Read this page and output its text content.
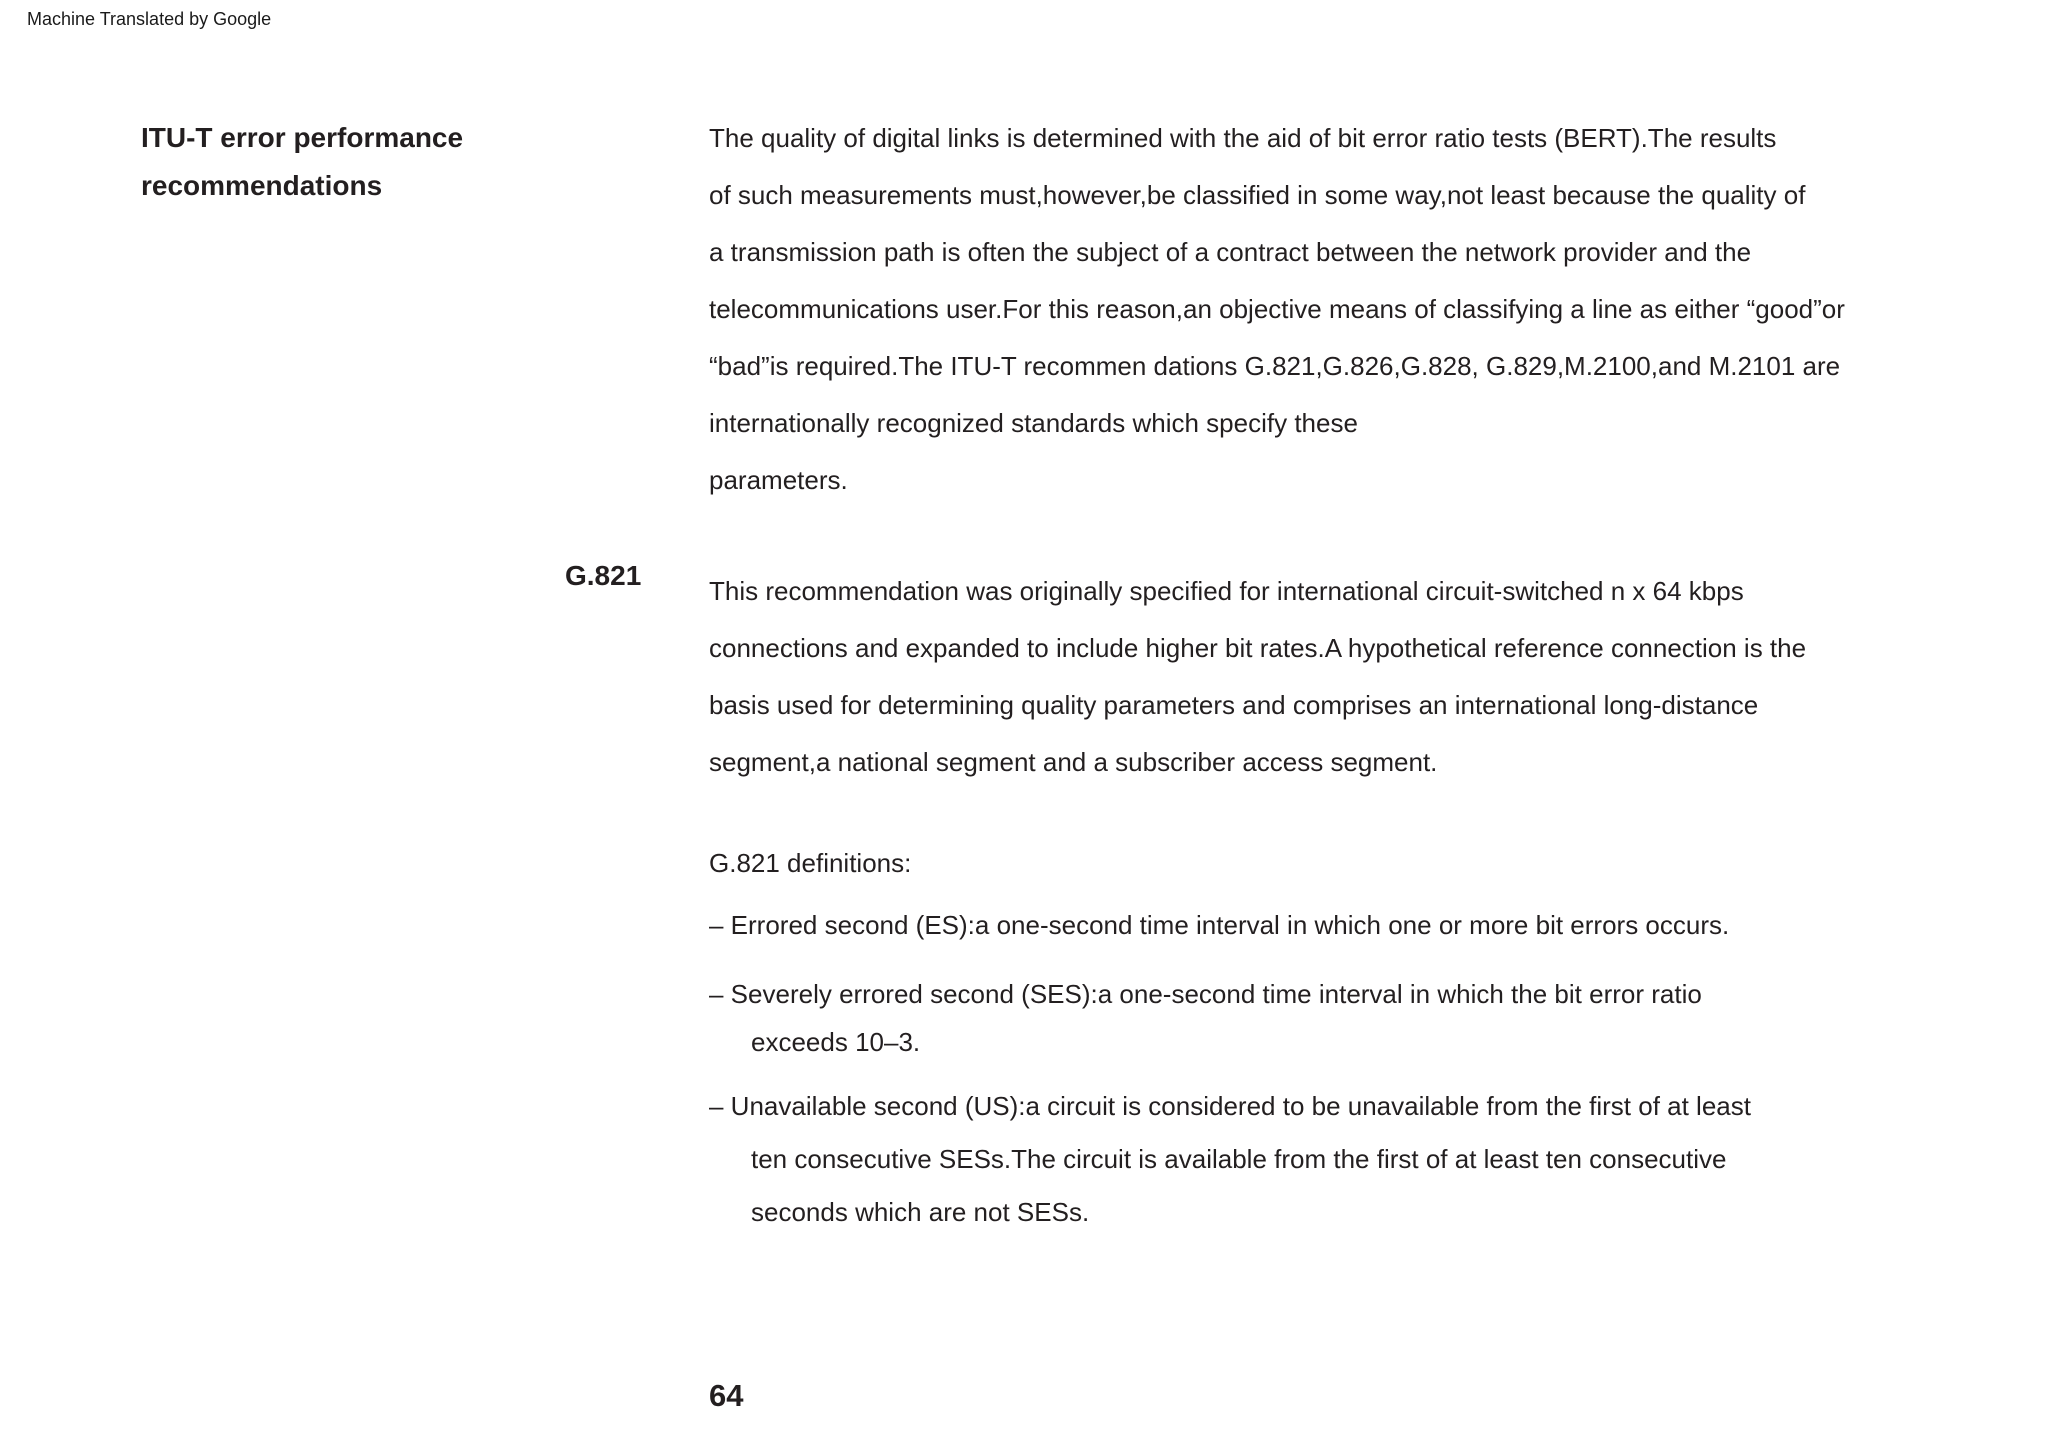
Machine Translated by Google
ITU-T error performance
recommendations
The quality of digital links is determined with the aid of bit error ratio tests (BERT).The results
of such measurements must,however,be classified in some way,not least because the quality of
a transmission path is often the subject of a contract between the network provider and the
telecommunications user.For this reason,an objective means of classifying a line as either “good”or
“bad”is required.The ITU-T recommen dations G.821,G.826,G.828, G.829,M.2100,and M.2101 are
internationally recognized standards which specify these
parameters.
G.821	This recommendation was originally specified for international circuit-switched n x 64 kbps
connections and expanded to include higher bit rates.A hypothetical reference connection is the
basis used for determining quality parameters and comprises an international long-distance
segment,a national segment and a subscriber access segment.
G.821 definitions:
– Errored second (ES):a one-second time interval in which one or more bit errors occurs.
– Severely errored second (SES):a one-second time interval in which the bit error ratio
exceeds 10–3.
– Unavailable second (US):a circuit is considered to be unavailable from the first of at least
ten consecutive SESs.The circuit is available from the first of at least ten consecutive
seconds which are not SESs.
64
